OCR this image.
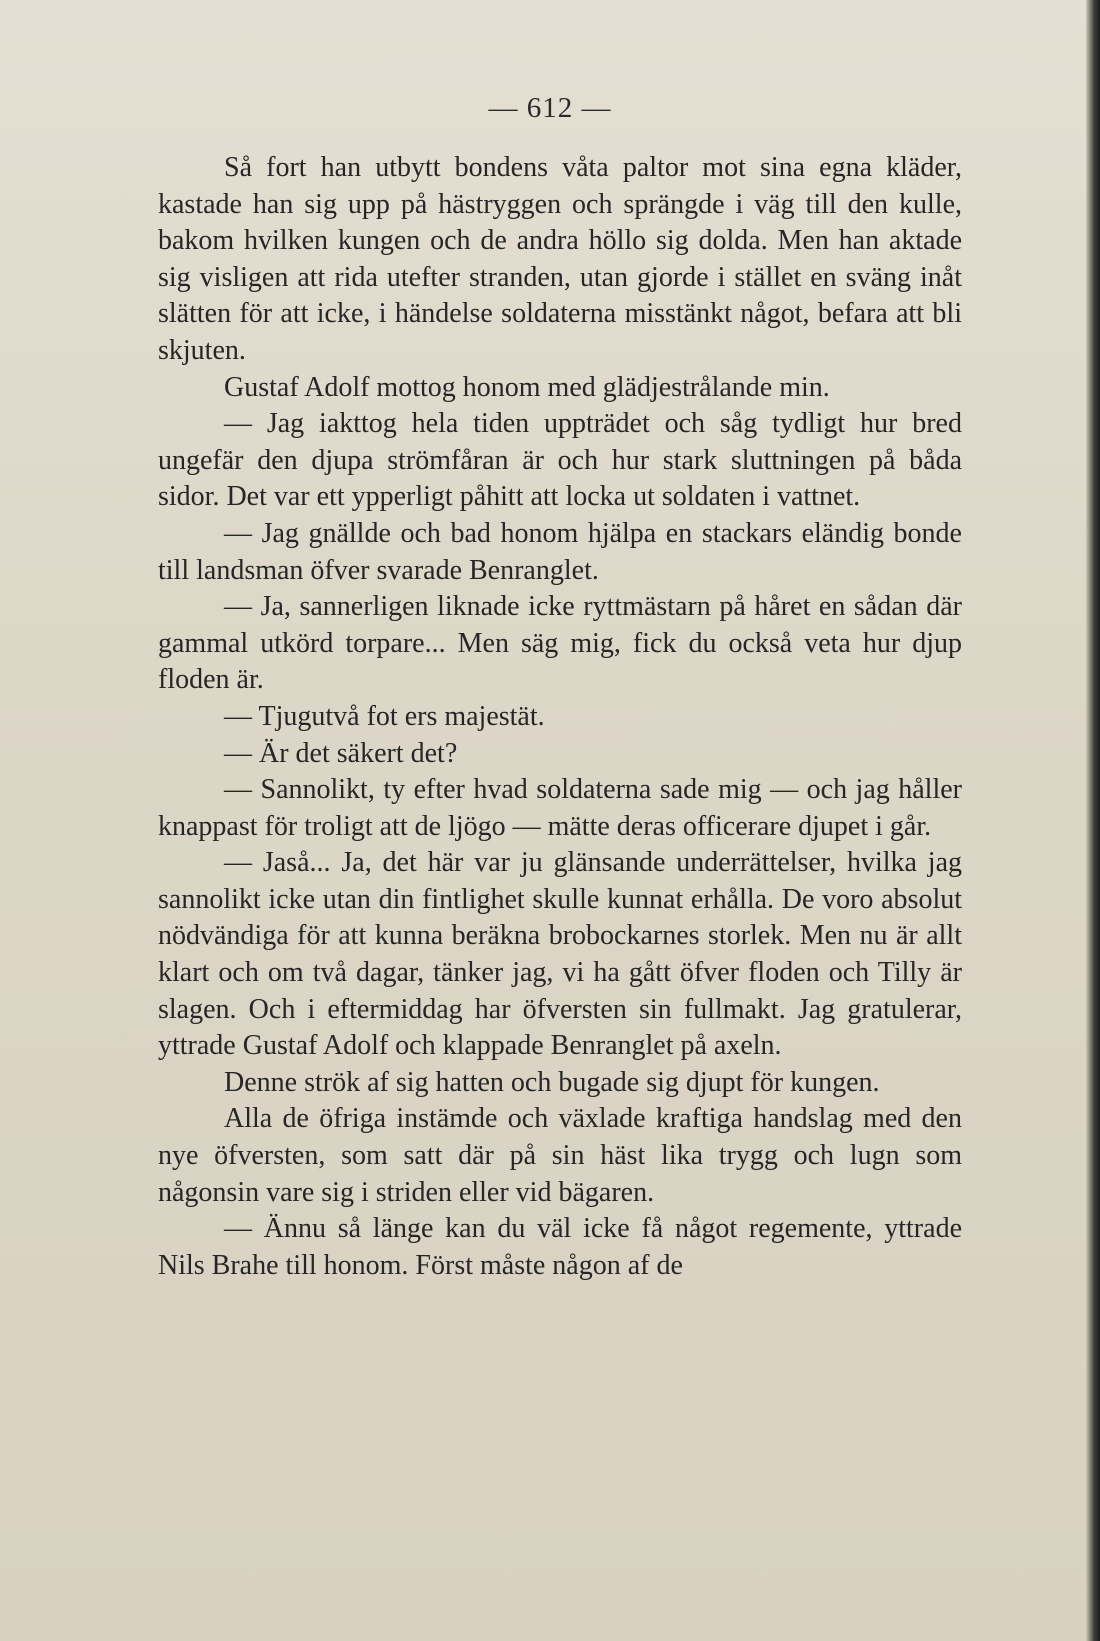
— 612 —

Så fort han utbytt bondens våta paltor mot sina egna kläder, kastade han sig upp på hästryggen och sprängde i väg till den kulle, bakom hvilken kungen och de andra höllo sig dolda. Men han aktade sig visligen att rida utefter stranden, utan gjorde i stället en sväng inåt slätten för att icke, i händelse soldaterna misstänkt något, befara att bli skjuten.

Gustaf Adolf mottog honom med glädjestrålande min.

— Jag iakttog hela tiden uppträdet och såg tydligt hur bred ungefär den djupa strömfåran är och hur stark sluttningen på båda sidor. Det var ett ypperligt påhitt att locka ut soldaten i vattnet.

— Jag gnällde och bad honom hjälpa en stackars eländig bonde till landsman öfver svarade Benranglet.

— Ja, sannerligen liknade icke ryttmästarn på håret en sådan där gammal utkörd torpare... Men säg mig, fick du också veta hur djup floden är.

— Tjugutvå fot ers majestät.

— Är det säkert det?

— Sannolikt, ty efter hvad soldaterna sade mig — och jag håller knappast för troligt att de ljögo — mätte deras officerare djupet i går.

— Jaså... Ja, det här var ju glänsande underrättelser, hvilka jag sannolikt icke utan din fintlighet skulle kunnat erhålla. De voro absolut nödvändiga för att kunna beräkna brobockarnes storlek. Men nu är allt klart och om två dagar, tänker jag, vi ha gått öfver floden och Tilly är slagen. Och i eftermiddag har öfversten sin fullmakt. Jag gratulerar, yttrade Gustaf Adolf och klappade Benranglet på axeln.

Denne strök af sig hatten och bugade sig djupt för kungen.

Alla de öfriga instämde och växlade kraftiga handslag med den nye öfversten, som satt där på sin häst lika trygg och lugn som någonsin vare sig i striden eller vid bägaren.

— Ännu så länge kan du väl icke få något regemente, yttrade Nils Brahe till honom. Först måste någon af de
